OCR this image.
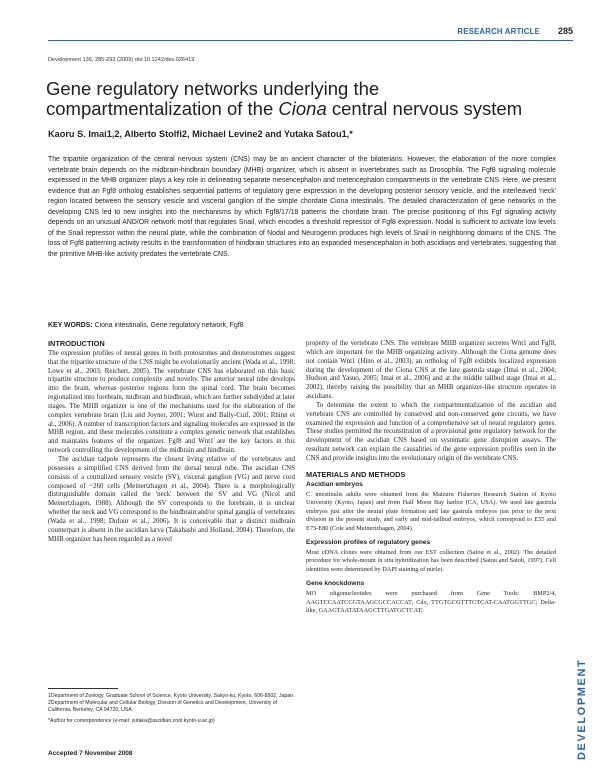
RESEARCH ARTICLE 285
Development 136, 285-293 (2009) doi:10.1242/dev.026419
Gene regulatory networks underlying the
compartmentalization of the Ciona central nervous system
Kaoru S. Imai1,2, Alberto Stolfi2, Michael Levine2 and Yutaka Satou1,*

The tripartite organization of the central nervous system (CNS) may be an ancient character of the bilaterians. However, the elaboration of the more complex vertebrate brain depends on the midbrain-hindbrain boundary (MHB) organizer, which is absent in invertebrates such as Drosophila. The Fgf8 signaling molecule expressed in the MHB organizer plays a key role in delineating separate mesencephalon and metencephalon compartments in the vertebrate CNS. Here, we present evidence that an Fgf8 ortholog establishes sequential patterns of regulatory gene expression in the developing posterior sensory vesicle, and the interleaved 'neck' region located between the sensory vesicle and visceral ganglion of the simple chordate Ciona intestinalis. The detailed characterization of gene networks in the developing CNS led to new insights into the mechanisms by which Fgf8/17/18 patterns the chordate brain. The precise positioning of this Fgf signaling activity depends on an unusual AND/OR network motif that regulates Snail, which encodes a threshold repressor of Fgf8 expression. Nodal is sufficient to activate low levels of the Snail repressor within the neural plate, while the combination of Nodal and Neurogenin produces high levels of Snail in neighboring domains of the CNS. The loss of Fgf8 patterning activity results in the transformation of hindbrain structures into an expanded mesencephalon in both ascidians and vertebrates, suggesting that the primitive MHB-like activity predates the vertebrate CNS.

KEY WORDS: Ciona intestinalis, Gene regulatory network, Fgf8
INTRODUCTION

The expression profiles of neural genes in both protostomes and deuterostomes suggest that the tripartite structure of the CNS might be evolutionarily ancient (Wada et al., 1998; Lowe et al., 2003; Reichert, 2005). The vertebrate CNS has elaborated on this basic tripartite structure to produce complexity and novelty. The anterior neural tube develops into the brain, whereas posterior regions form the spinal cord. The brain becomes regionalized into forebrain, midbrain and hindbrain, which are further subdivided at later stages. The MHB organizer is one of the mechanisms used for the elaboration of the complex vertebrate brain (Liu and Joyner, 2001; Wurst and Bally-Cuif, 2001; Rhinn et al., 2006). A number of transcription factors and signaling molecules are expressed in the MHB region, and these molecules constitute a complex genetic network that establishes and maintains features of the organizer. Fgf8 and Wnt1 are the key factors in this network controlling the development of the midbrain and hindbrain.

The ascidian tadpole represents the closest living relative of the vertebrates and possesses a simplified CNS derived from the dorsal neural tube. The ascidian CNS consists of a centralized sensory vesicle (SV), visceral ganglion (VG) and nerve cord composed of ~260 cells (Meinertzhagen et al., 2004). There is a morphologically distinguishable domain called the 'neck' between the SV and VG (Nicol and Meinertzhagen, 1988). Although the SV corresponds to the forebrain, it is unclear whether the neck and VG correspond to the hindbrain and/or spinal ganglia of vertebrates (Wada et al., 1998; Dufour et al., 2006). It is conceivable that a distinct midbrain counterpart is absent in the ascidian larva (Takahashi and Holland, 2004). Therefore, the MHB organizer has been regarded as a novel

property of the vertebrate CNS. The vertebrate MHB organizer secretes Wnt1 and Fgf8, which are important for the MHB organizing activity. Although the Ciona genome does not contain Wnt1 (Hino et al., 2003), an ortholog of Fgf8 exhibits localized expression during the development of the Ciona CNS at the late gastrula stage (Imai et al., 2004; Hudson and Yasuo, 2005; Imai et al., 2006) and at the middle tailbud stage (Imai et al., 2002), thereby raising the possibility that an MHB organizer-like structure operates in ascidians.

To determine the extent to which the compartmentalization of the ascidian and vertebrate CNS are controlled by conserved and non-conserved gene circuits, we have examined the expression and function of a comprehensive set of neural regulatory genes. These studies permitted the reconstitution of a provisional gene regulatory network for the development of the ascidian CNS based on systematic gene disruption assays. The resultant network can explain the causalities of the gene expression profiles seen in the CNS and provide insights into the evolutionary origin of the vertebrate CNS.

MATERIALS AND METHODS
Ascidian embryos

C. intestinalis adults were obtained from the Maizuru Fisheries Research Station of Kyoto University (Kyoto, Japan) and from Half Moon Bay harbor (CA, USA). We used late gastrula embryos just after the neural plate formation and late gastrula embryos just prior to the next division in the present study, and early and mid-tailbud embryos, which correspond to E55 and E75-E80 (Cole and Meinertzhagen, 2004).

Expression profiles of regulatory genes

Most cDNA clones were obtained from our EST collection (Satou et al., 2002). The detailed procedure for whole-mount in situ hybridization has been described (Satou and Satoh, 1997). Cell identities were determined by DAPI staining of nuclei.

Gene knockdowns

MO oligonucleotides were purchased from Gene Tools: BMP2/4, AAGTCCAATCCGTAAGCGCCACCAT; Cdx, TTGTGCGTTTCTCAT-CAATGGTTGC; Delta-like, GAAGTAATATAAGCTTGATGCTCAT;

1Department of Zoology, Graduate School of Science, Kyoto University, Sakyo-ku, Kyoto, 606-8502, Japan. 2Department of Molecular and Cellular Biology, Division of Genetics and Development, University of California, Berkeley, CA 94720, USA.

*Author for correspondence (e-mail: yutaka@ascidian.zool.kyoto-u.ac.jp)

Accepted 7 November 2008	DEVELOPMENT
